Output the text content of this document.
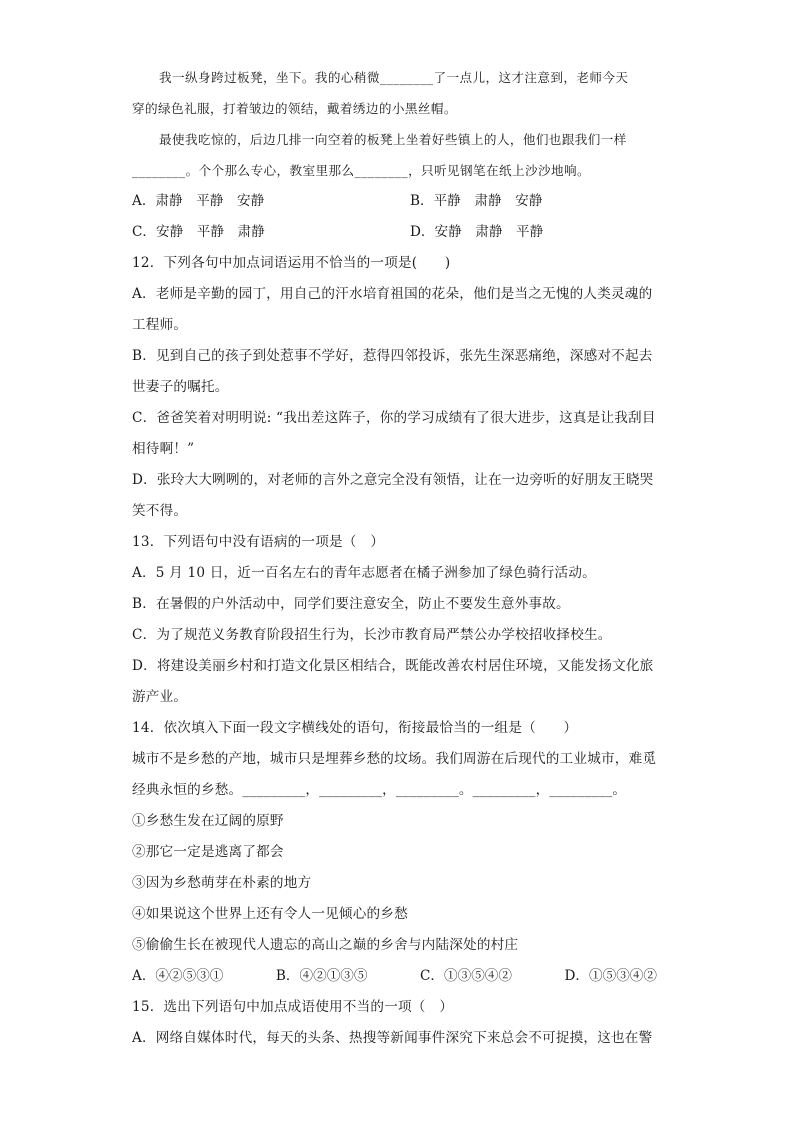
我一纵身跨过板凳，坐下。我的心稍微________了一点儿，这才注意到，老师今天
穿的绿色礼服，打着皱边的领结，戴着绣边的小黑丝帽。
最使我吃惊的，后边几排一向空着的板凳上坐着好些镇上的人，他们也跟我们一样
________。个个那么专心，教室里那么________，只听见钢笔在纸上沙沙地响。
A．肃静　平静　安静	B．平静　肃静　安静
C．安静　平静　肃静	D．安静　肃静　平静
12．下列各句中加点词语运用不恰当的一项是(　　)
A．老师是辛勤的园丁，用自己的汗水培育祖国的花朵，他们是当之无愧的人类灵魂的
工程师。
B．见到自己的孩子到处惹事不学好，惹得四邻投诉，张先生深恶痛绝，深感对不起去
世妻子的嘱托。
C．爸爸笑着对明明说: “我出差这阵子，你的学习成绩有了很大进步，这真是让我刮目
相待啊！”
D．张玲大大咧咧的，对老师的言外之意完全没有领悟，让在一边旁听的好朋友王晓哭
笑不得。
13．下列语句中没有语病的一项是（　）
A．5 月 10 日，近一百名左右的青年志愿者在橘子洲参加了绿色骑行活动。
B．在暑假的户外活动中，同学们要注意安全，防止不要发生意外事故。
C．为了规范义务教育阶段招生行为，长沙市教育局严禁公办学校招收择校生。
D．将建设美丽乡村和打造文化景区相结合，既能改善农村居住环境，又能发扬文化旅
游产业。
14．依次填入下面一段文字横线处的语句，衔接最恰当的一组是（　　）
城市不是乡愁的产地，城市只是埋葬乡愁的坟场。我们周游在后现代的工业城市，难觅
经典永恒的乡愁。_________，_________，_________。_________，_________。
①乡愁生发在辽阔的原野
②那它一定是逃离了都会
③因为乡愁萌芽在朴素的地方
④如果说这个世界上还有令人一见倾心的乡愁
⑤偷偷生长在被现代人遗忘的高山之巅的乡舍与内陆深处的村庄
A．④②⑤③①	B．④②①③⑤	C．①③⑤④②	D．①⑤③④②
15．选出下列语句中加点成语使用不当的一项（　）
A．网络自媒体时代，每天的头条、热搜等新闻事件深究下来总会不可捉摸，这也在警
